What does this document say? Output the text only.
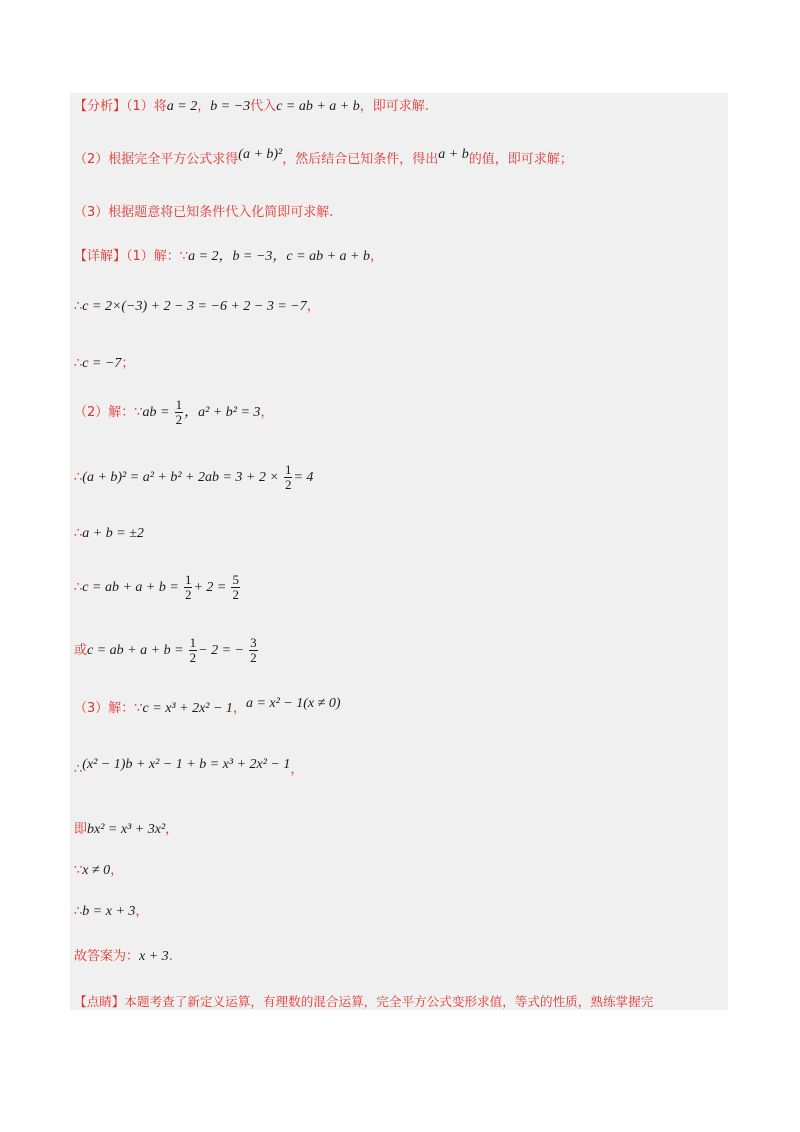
【分析】（1）将a = 2，b = −3代入c = ab + a + b，即可求解.
（2）根据完全平方公式求得(a + b)²，然后结合已知条件，得出a + b的值，即可求解；
（3）根据题意将已知条件代入化简即可求解.
【详解】（1）解：∵a = 2，b = −3，c = ab + a + b，
∴c = 2×(−3) + 2 − 3 = −6 + 2 − 3 = −7，
∴c = −7；
（2）解：∵ab = $\frac{1}{2}$ ，a² + b² = 3，
∴(a + $b)^2 = a^2 + b^2 + 2ab = 3 + 2 \times \frac{1}{2} = 4$
∴a + b = ±2
∴c = ab + $a + b = \frac{1}{2} + 2 = \frac{5}{2}$
或c = ab + $a + b = \frac{1}{2} - 2$ = − $\frac{3}{2}$
（3）解：∵c = x³ + 2x² − 1，a = x² − 1(x ≠ 0)
∴(x² − 1)b + x² − 1 + b = x³ + 2x² − 1，
即bx² = x³ + 3x²，
∵x ≠ 0，
∴b = x + 3，
故答案为：x + 3.
【点睛】本题考查了新定义运算，有理数的混合运算，完全平方公式变形求值，等式的性质，熟练掌握完
